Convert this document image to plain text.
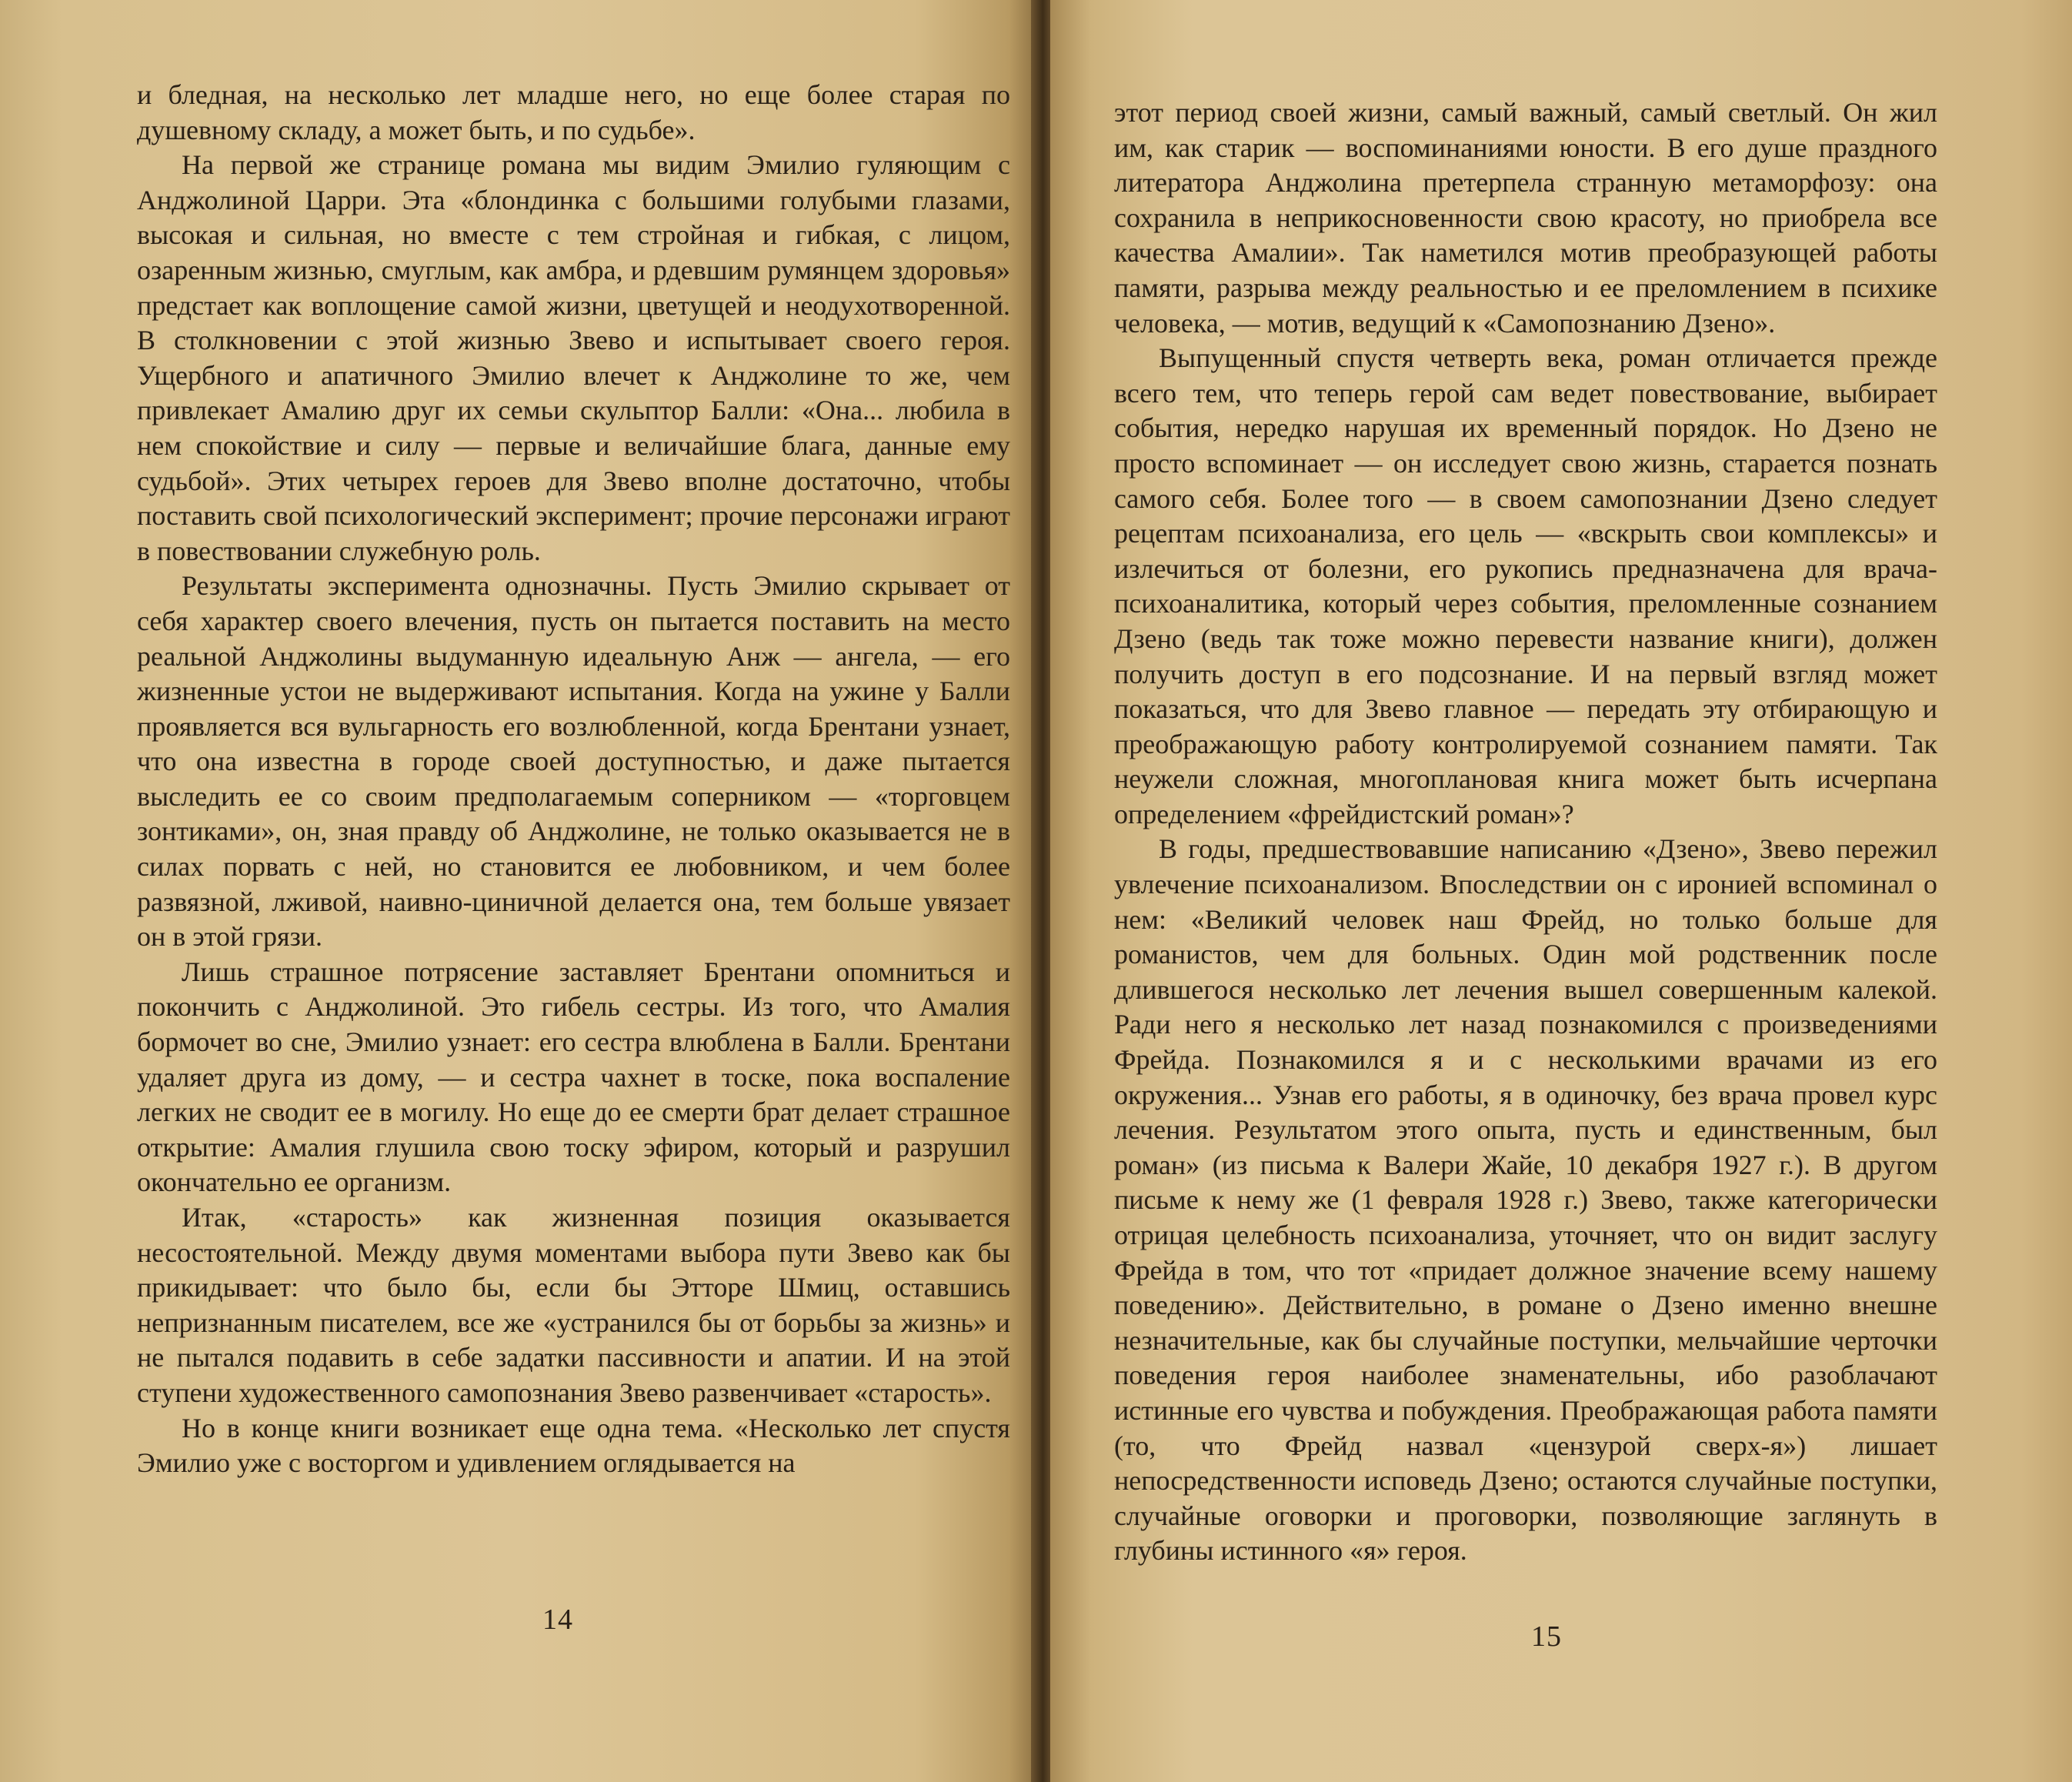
и бледная, на несколько лет младше него, но еще более старая по душевному складу, а может быть, и по судьбе».

На первой же странице романа мы видим Эмилио гуляющим с Анджолиной Царри. Эта «блондинка с большими голубыми глазами, высокая и сильная, но вместе с тем стройная и гибкая, с лицом, озаренным жизнью, смуглым, как амбра, и рдевшим румянцем здоровья» предстает как воплощение самой жизни, цветущей и неодухотворенной. В столкновении с этой жизнью Звево и испытывает своего героя. Ущербного и апатичного Эмилио влечет к Анджолине то же, чем привлекает Амалию друг их семьи скульптор Балли: «Она... любила в нем спокойствие и силу — первые и величайшие блага, данные ему судьбой». Этих четырех героев для Звево вполне достаточно, чтобы поставить свой психологический эксперимент; прочие персонажи играют в повествовании служебную роль.

Результаты эксперимента однозначны. Пусть Эмилио скрывает от себя характер своего влечения, пусть он пытается поставить на место реальной Анджолины выдуманную идеальную Анж — ангела, — его жизненные устои не выдерживают испытания. Когда на ужине у Балли проявляется вся вульгарность его возлюбленной, когда Брентани узнает, что она известна в городе своей доступностью, и даже пытается выследить ее со своим предполагаемым соперником — «торговцем зонтиками», он, зная правду об Анджолине, не только оказывается не в силах порвать с ней, но становится ее любовником, и чем более развязной, лживой, наивно-циничной делается она, тем больше увязает он в этой грязи.

Лишь страшное потрясение заставляет Брентани опомниться и покончить с Анджолиной. Это гибель сестры. Из того, что Амалия бормочет во сне, Эмилио узнает: его сестра влюблена в Балли. Брентани удаляет друга из дому, — и сестра чахнет в тоске, пока воспаление легких не сводит ее в могилу. Но еще до ее смерти брат делает страшное открытие: Амалия глушила свою тоску эфиром, который и разрушил окончательно ее организм.

Итак, «старость» как жизненная позиция оказывается несостоятельной. Между двумя моментами выбора пути Звево как бы прикидывает: что было бы, если бы Этторе Шмиц, оставшись непризнанным писателем, все же «устранился бы от борьбы за жизнь» и не пытался подавить в себе задатки пассивности и апатии. И на этой ступени художественного самопознания Звево развенчивает «старость».

Но в конце книги возникает еще одна тема. «Несколько лет спустя Эмилио уже с восторгом и удивлением оглядывается на

14

этот период своей жизни, самый важный, самый светлый. Он жил им, как старик — воспоминаниями юности. В его душе праздного литератора Анджолина претерпела странную метаморфозу: она сохранила в неприкосновенности свою красоту, но приобрела все качества Амалии». Так наметился мотив преобразующей работы памяти, разрыва между реальностью и ее преломлением в психике человека, — мотив, ведущий к «Самопознанию Дзено».

Выпущенный спустя четверть века, роман отличается прежде всего тем, что теперь герой сам ведет повествование, выбирает события, нередко нарушая их временный порядок. Но Дзено не просто вспоминает — он исследует свою жизнь, старается познать самого себя. Более того — в своем самопознании Дзено следует рецептам психоанализа, его цель — «вскрыть свои комплексы» и излечиться от болезни, его рукопись предназначена для врача-психоаналитика, который через события, преломленные сознанием Дзено (ведь так тоже можно перевести название книги), должен получить доступ в его подсознание. И на первый взгляд может показаться, что для Звево главное — передать эту отбирающую и преображающую работу контролируемой сознанием памяти. Так неужели сложная, многоплановая книга может быть исчерпана определением «фрейдистский роман»?

В годы, предшествовавшие написанию «Дзено», Звево пережил увлечение психоанализом. Впоследствии он с иронией вспоминал о нем: «Великий человек наш Фрейд, но только больше для романистов, чем для больных. Один мой родственник после длившегося несколько лет лечения вышел совершенным калекой. Ради него я несколько лет назад познакомился с произведениями Фрейда. Познакомился я и с несколькими врачами из его окружения... Узнав его работы, я в одиночку, без врача провел курс лечения. Результатом этого опыта, пусть и единственным, был роман» (из письма к Валери Жайе, 10 декабря 1927 г.). В другом письме к нему же (1 февраля 1928 г.) Звево, также категорически отрицая целебность психоанализа, уточняет, что он видит заслугу Фрейда в том, что тот «придает должное значение всему нашему поведению». Действительно, в романе о Дзено именно внешне незначительные, как бы случайные поступки, мельчайшие черточки поведения героя наиболее знаменательны, ибо разоблачают истинные его чувства и побуждения. Преображающая работа памяти (то, что Фрейд назвал «цензурой сверх-я») лишает непосредственности исповедь Дзено; остаются случайные поступки, случайные оговорки и проговорки, позволяющие заглянуть в глубины истинного «я» героя.

15
